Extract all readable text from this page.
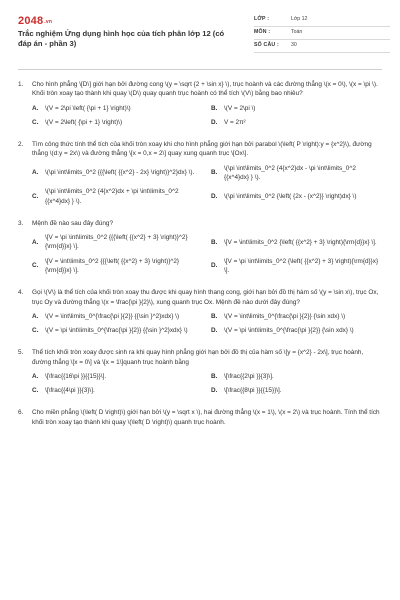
2048.vn
Trắc nghiệm Ứng dụng hình học của tích phân lớp 12 (có đáp án - phần 3)
LỚP :	Lớp 12
MÔN :	Toán
SỐ CÂU :	30
1.	Cho hình phẳng \[D\] giới hạn bởi đường cong \(y = \sqrt {2 + \sin x} \), trục hoành và các đường thẳng \(x = 0\), \(x = \pi \). Khối tròn xoay tạo thành khi quay \(D\) quay quanh trục hoành có thể tích \(V\) bằng bao nhiêu?
A.	\(V = 2\pi \left( {\pi + 1} \right)\)	B.	\(V = 2\pi \)
C.	\(V = 2\left( {\pi + 1} \right)\)	D.	V = 2π²
2.	Tìm công thức tính thể tích của khối tròn xoay khi cho hình phẳng giới hạn bởi parabol \(\left( P \right):y = {x^2}\), đường thẳng \(d:y = 2x\) và đường thẳng \[x = 0,x = 2\] quay xung quanh trục \[Ox\].
A.	\(\pi \int\limits_0^2 {{{\left( {{x^2} - 2x} \right)}^2}dx} \).	B.
\(\pi \int\limits_0^2 {4{x^2}dx - \pi \int\limits_0^2 {{x^4}dx} } \).
C.
\(\pi \int\limits_0^2 {4{x^2}dx + \pi \int\limits_0^2 {{x^4}dx} } \).
D.	\(\pi \int\limits_0^2 {\left( {2x - {x^2}} \right)dx} \)
3.	Mệnh đề nào sau đây đúng?
A.
\[V = \pi \int\limits_0^2 {{{\left( {{x^2} + 3} \right)}^2}{\rm{d}}x} \].
B.	\[V = \int\limits_0^2 {\left( {{x^2} + 3} \right){\rm{d}}x} \].
C.
\[V = \int\limits_0^2 {{{\left( {{x^2} + 3} \right)}^2}{\rm{d}}x} \].
D.
\[V = \pi \int\limits_0^2 {\left( {{x^2} + 3} \right){\rm{d}}x} \].
4.	Gọi \(V\) là thể tích của khối tròn xoay thu được khi quay hình thang cong, giới hạn bởi đồ thị hàm số \(y = \sin x\), trục Ox, trục Oy và đường thẳng \(x = \frac{\pi }{2}\), xung quanh trục Ox. Mệnh đề nào dưới đây đúng?
A.	\(V = \int\limits_0^{\frac{\pi }{2}} {{\sin }^2}xdx} \)	B.	\(V = \int\limits_0^{\frac{\pi }{2}} {\sin xdx} \)
C.	\(V = \pi \int\limits_0^{\frac{\pi }{2}} {{\sin }^2}xdx} \)	D.	\(V = \pi \int\limits_0^{\frac{\pi }{2}} {\sin xdx} \)
5.	Thể tích khối tròn xoay được sinh ra khi quay hình phẳng giới hạn bởi đồ thị của hàm số \[y = {x^2} - 2x\], trục hoành, đường thẳng \[x = 0\] và \[x = 1\]quanh trục hoành bằng
A.	\[\frac{{16\pi }}{{15}}\].	B.	\[\frac{{2\pi }}{3}\].
C.	\[\frac{{4\pi }}{3}\].	D.	\[\frac{{8\pi }}{{15}}\].
6.	Cho miền phẳng \(\left( D \right)\) giới hạn bởi \(y = \sqrt x \), hai đường thẳng \(x = 1\), \(x = 2\) và trục hoành. Tính thể tích khối tròn xoay tạo thành khi quay \(\left( D \right)\) quanh trục hoành.
